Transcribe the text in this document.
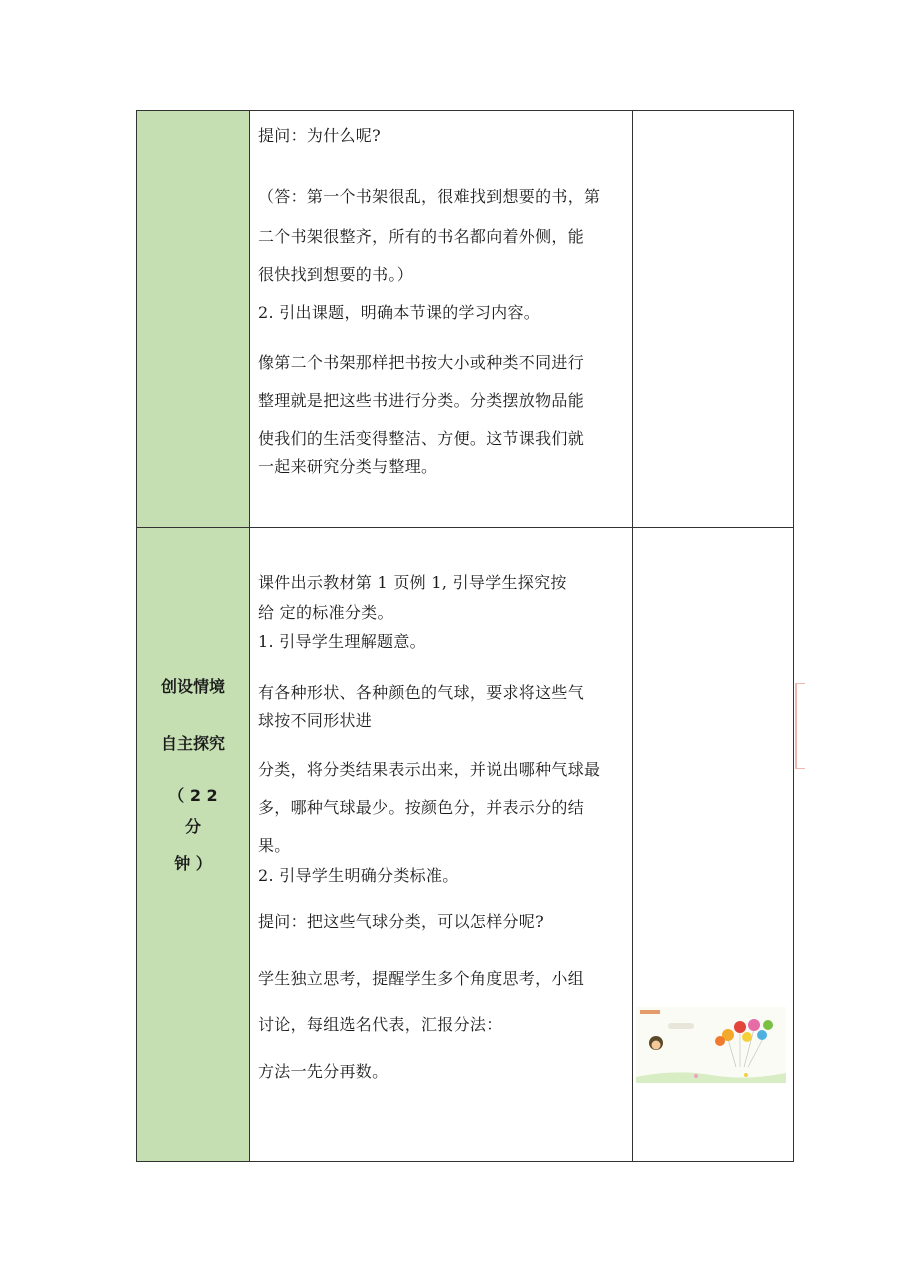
提问：为什么呢?
（答：第一个书架很乱，很难找到想要的书，第
二个书架很整齐，所有的书名都向着外侧，能
很快找到想要的书。）
2. 引出课题，明确本节课的学习内容。
像第二个书架那样把书按大小或种类不同进行
整理就是把这些书进行分类。分类摆放物品能
使我们的生活变得整洁、方便。这节课我们就
一起来研究分类与整理。
创设情境
自主探究
（ 2 2
分
钟 ）
课件出示教材第 1 页例 1, 引导学生探究按
给 定的标准分类。
1. 引导学生理解题意。
有各种形状、各种颜色的气球，要求将这些气
球按不同形状进
分类，将分类结果表示出来，并说出哪种气球最
多，哪种气球最少。按颜色分，并表示分的结
果。
2. 引导学生明确分类标准。
提问：把这些气球分类，可以怎样分呢?
学生独立思考，提醒学生多个角度思考，小组
讨论，每组选名代表，汇报分法：
方法一先分再数。
